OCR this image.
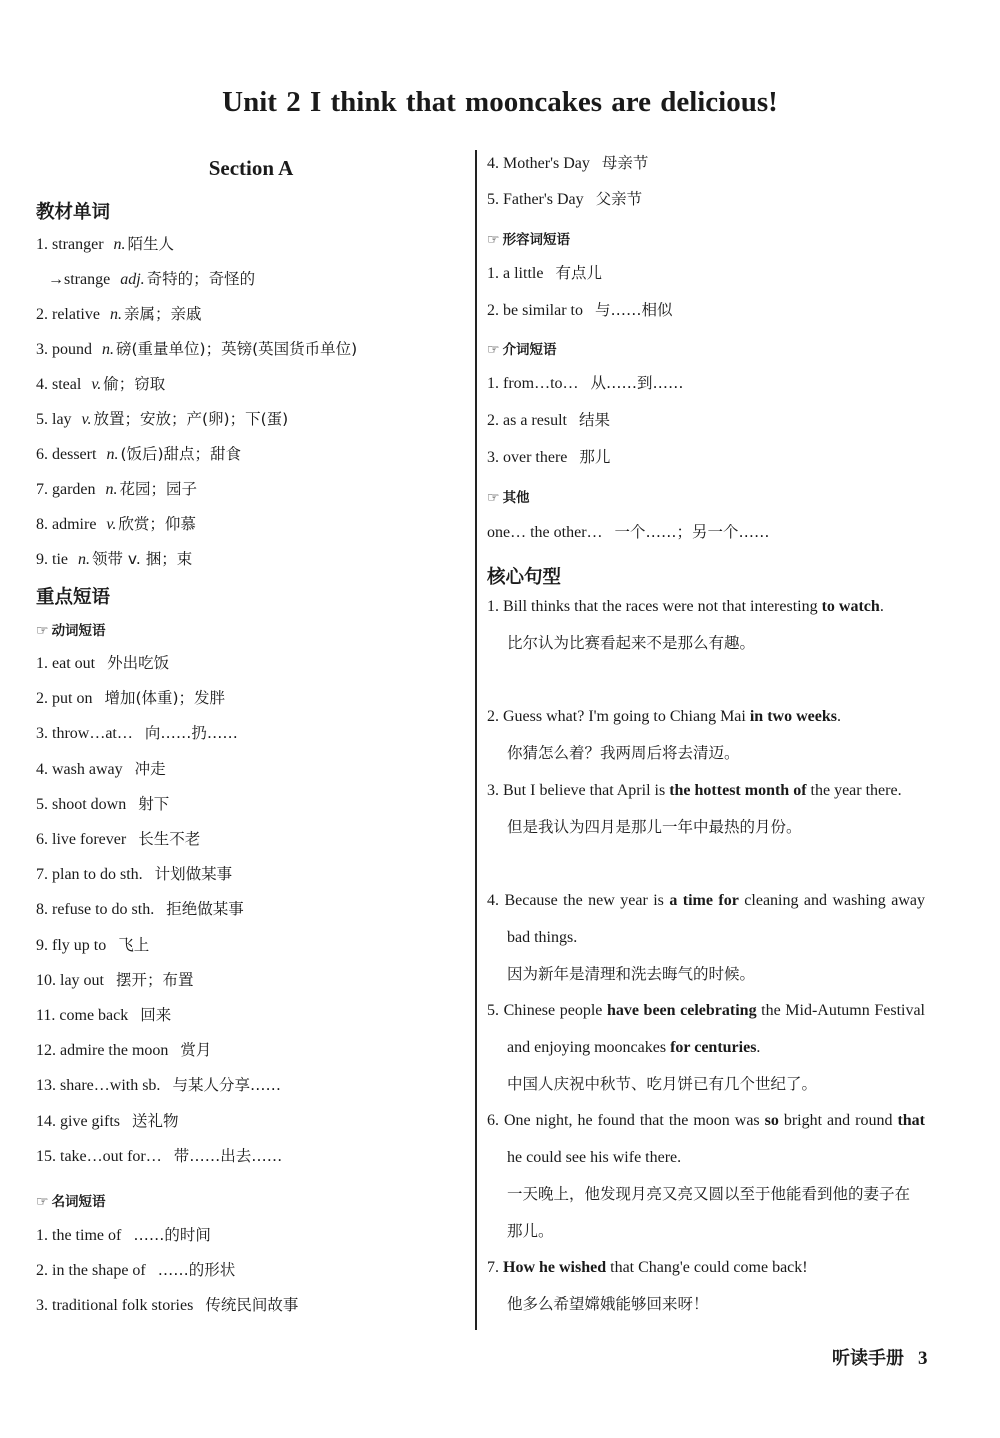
Unit 2 I think that mooncakes are delicious!
Section A
教材单词
1. stranger n. 陌生人
→strange adj. 奇特的；奇怪的
2. relative n. 亲属；亲戚
3. pound n. 磅(重量单位)；英镑(英国货币单位)
4. steal v. 偷；窃取
5. lay v. 放置；安放；产(卵)；下(蛋)
6. dessert n. (饭后)甜点；甜食
7. garden n. 花园；园子
8. admire v. 欣赏；仰慕
9. tie n. 领带 v. 捆；束
重点短语
☞ 动词短语
1. eat out 外出吃饭
2. put on 增加(体重)；发胖
3. throw…at… 向……扔……
4. wash away 冲走
5. shoot down 射下
6. live forever 长生不老
7. plan to do sth. 计划做某事
8. refuse to do sth. 拒绝做某事
9. fly up to 飞上
10. lay out 摆开；布置
11. come back 回来
12. admire the moon 赏月
13. share…with sb. 与某人分享……
14. give gifts 送礼物
15. take…out for… 带……出去……
☞ 名词短语
1. the time of ……的时间
2. in the shape of ……的形状
3. traditional folk stories 传统民间故事
4. Mother's Day 母亲节
5. Father's Day 父亲节
☞ 形容词短语
1. a little 有点儿
2. be similar to 与……相似
☞ 介词短语
1. from…to… 从……到……
2. as a result 结果
3. over there 那儿
☞ 其他
one… the other… 一个……；另一个……
核心句型
1. Bill thinks that the races were not that interesting to watch.
比尔认为比赛看起来不是那么有趣。
2. Guess what? I'm going to Chiang Mai in two weeks.
你猜怎么着？我两周后将去清迈。
3. But I believe that April is the hottest month of the year there.
但是我认为四月是那儿一年中最热的月份。
4. Because the new year is a time for cleaning and washing away bad things.
因为新年是清理和洗去晦气的时候。
5. Chinese people have been celebrating the Mid-Autumn Festival and enjoying mooncakes for centuries.
中国人庆祝中秋节、吃月饼已有几个世纪了。
6. One night, he found that the moon was so bright and round that he could see his wife there.
一天晚上，他发现月亮又亮又圆以至于他能看到他的妻子在那儿。
7. How he wished that Chang'e could come back!
他多么希望嫦娥能够回来呀！
听读手册 3
